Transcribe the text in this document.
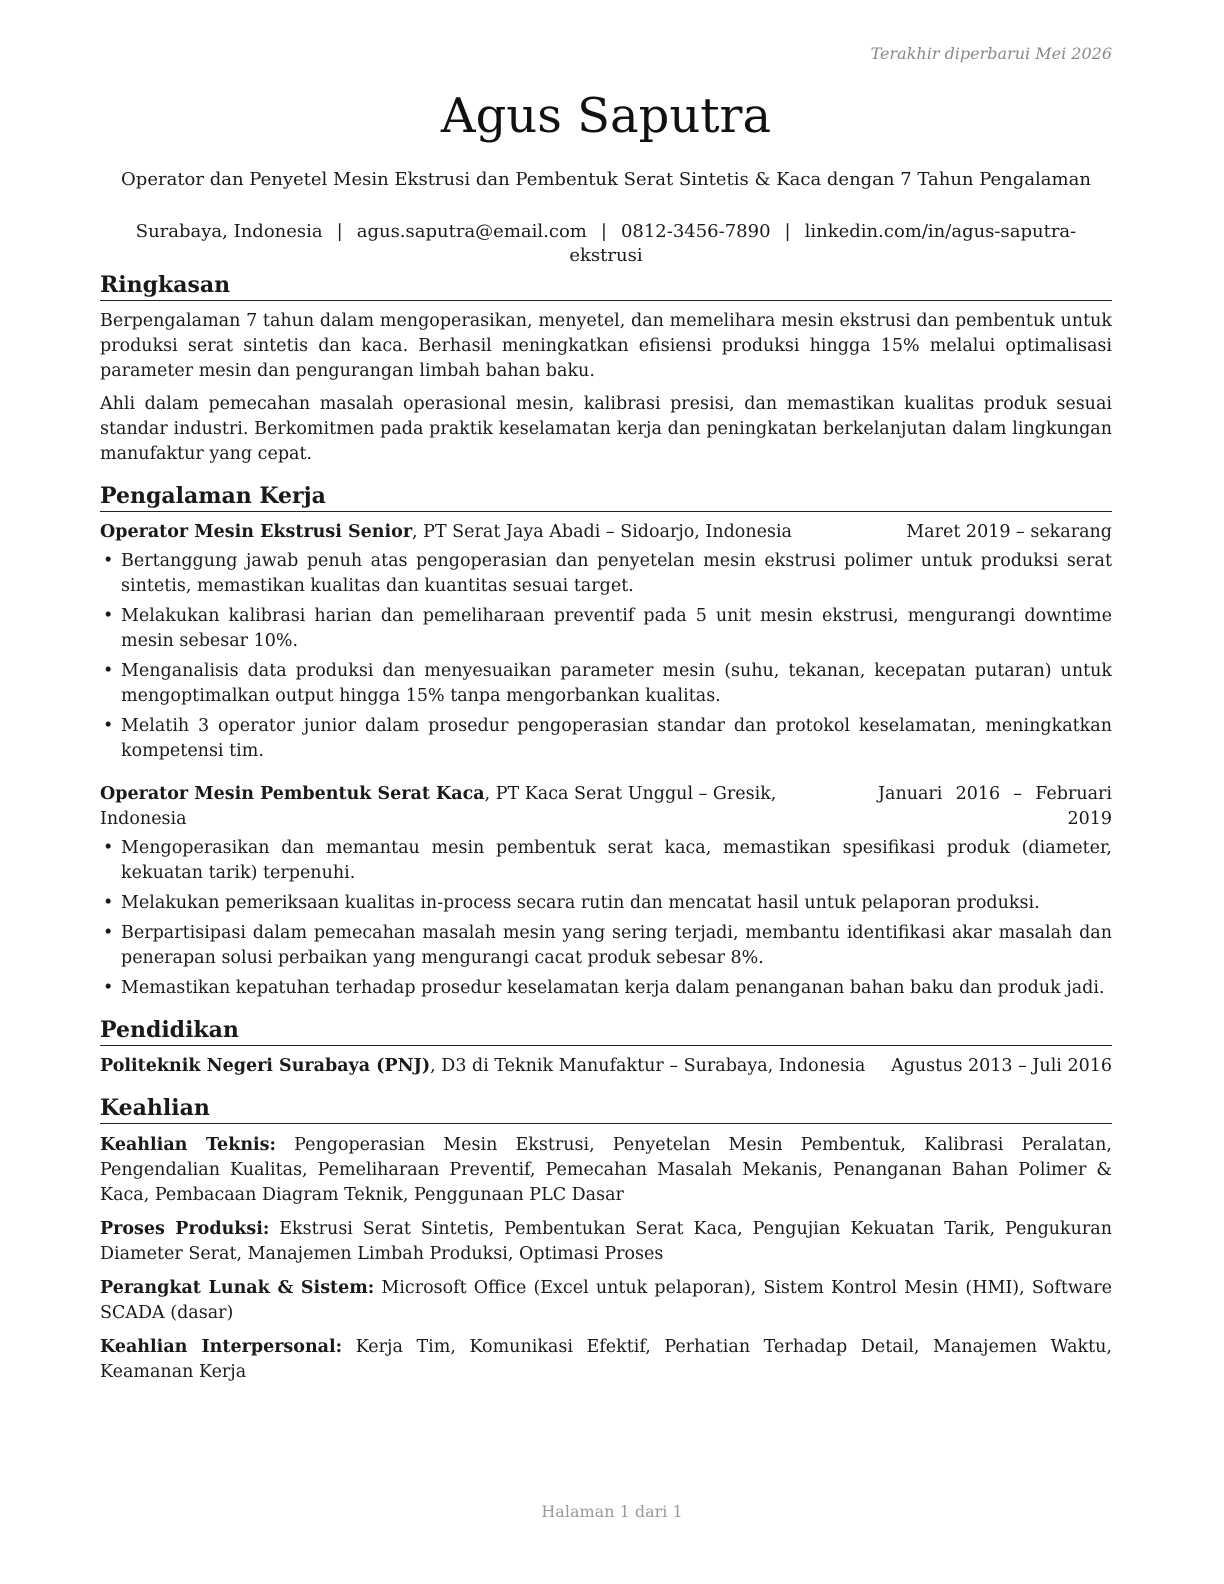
Terakhir diperbarui Mei 2026
Agus Saputra
Operator dan Penyetel Mesin Ekstrusi dan Pembentuk Serat Sintetis & Kaca dengan 7 Tahun Pengalaman
Surabaya, Indonesia | agus.saputra@email.com | 0812-3456-7890 | linkedin.com/in/agus-saputra-ekstrusi
Ringkasan

Berpengalaman 7 tahun dalam mengoperasikan, menyetel, dan memelihara mesin ekstrusi dan pembentuk untuk produksi serat sintetis dan kaca. Berhasil meningkatkan efisiensi produksi hingga 15% melalui optimalisasi parameter mesin dan pengurangan limbah bahan baku.

Ahli dalam pemecahan masalah operasional mesin, kalibrasi presisi, dan memastikan kualitas produk sesuai standar industri. Berkomitmen pada praktik keselamatan kerja dan peningkatan berkelanjutan dalam lingkungan manufaktur yang cepat.

Pengalaman Kerja
Operator Mesin Ekstrusi Senior, PT Serat Jaya Abadi – Sidoarjo, Indonesia	Maret 2019 – sekarang
• Bertanggung jawab penuh atas pengoperasian dan penyetelan mesin ekstrusi polimer untuk produksi serat sintetis, memastikan kualitas dan kuantitas sesuai target.
• Melakukan kalibrasi harian dan pemeliharaan preventif pada 5 unit mesin ekstrusi, mengurangi downtime mesin sebesar 10%.
• Menganalisis data produksi dan menyesuaikan parameter mesin (suhu, tekanan, kecepatan putaran) untuk mengoptimalkan output hingga 15% tanpa mengorbankan kualitas.
• Melatih 3 operator junior dalam prosedur pengoperasian standar dan protokol keselamatan, meningkatkan kompetensi tim.
Operator Mesin Pembentuk Serat Kaca, PT Kaca Serat Unggul – Gresik, Indonesia
Januari 2016 – Februari 2019
• Mengoperasikan dan memantau mesin pembentuk serat kaca, memastikan spesifikasi produk (diameter, kekuatan tarik) terpenuhi.
• Melakukan pemeriksaan kualitas in-process secara rutin dan mencatat hasil untuk pelaporan produksi.
• Berpartisipasi dalam pemecahan masalah mesin yang sering terjadi, membantu identifikasi akar masalah dan penerapan solusi perbaikan yang mengurangi cacat produk sebesar 8%.
• Memastikan kepatuhan terhadap prosedur keselamatan kerja dalam penanganan bahan baku dan produk jadi.
Pendidikan
Politeknik Negeri Surabaya (PNJ), D3 di Teknik Manufaktur – Surabaya, Indonesia	Agustus 2013 – Juli 2016
Keahlian

Keahlian Teknis: Pengoperasian Mesin Ekstrusi, Penyetelan Mesin Pembentuk, Kalibrasi Peralatan, Pengendalian Kualitas, Pemeliharaan Preventif, Pemecahan Masalah Mekanis, Penanganan Bahan Polimer & Kaca, Pembacaan Diagram Teknik, Penggunaan PLC Dasar

Proses Produksi: Ekstrusi Serat Sintetis, Pembentukan Serat Kaca, Pengujian Kekuatan Tarik, Pengukuran Diameter Serat, Manajemen Limbah Produksi, Optimasi Proses

Perangkat Lunak & Sistem: Microsoft Office (Excel untuk pelaporan), Sistem Kontrol Mesin (HMI), Software SCADA (dasar)

Keahlian Interpersonal: Kerja Tim, Komunikasi Efektif, Perhatian Terhadap Detail, Manajemen Waktu, Keamanan Kerja

Halaman 1 dari 1
